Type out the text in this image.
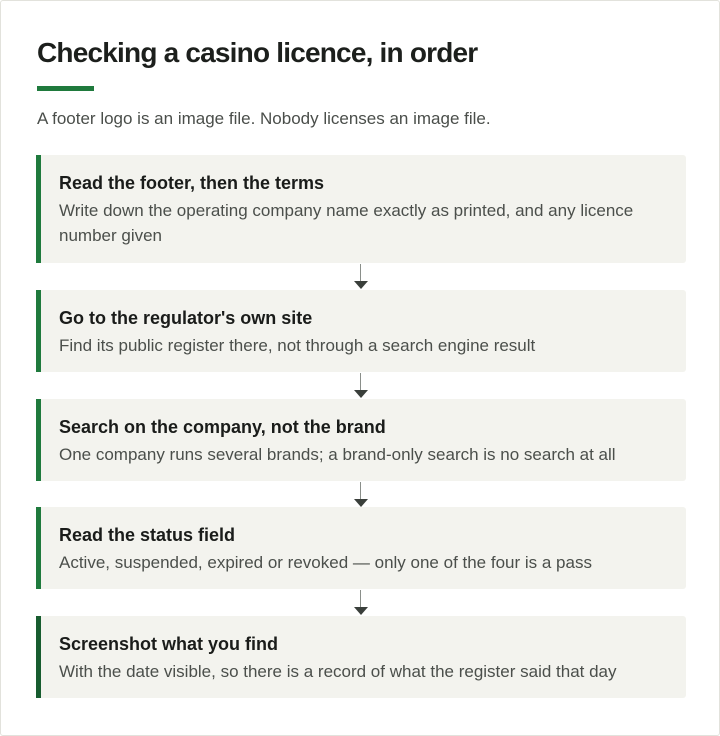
Checking a casino licence, in order

A footer logo is an image file. Nobody licenses an image file.

Read the footer, then the terms

Write down the operating company name exactly as printed, and any licence number given

Go to the regulator's own site

Find its public register there, not through a search engine result

Search on the company, not the brand

One company runs several brands; a brand-only search is no search at all

Read the status field

Active, suspended, expired or revoked — only one of the four is a pass

Screenshot what you find

With the date visible, so there is a record of what the register said that day
